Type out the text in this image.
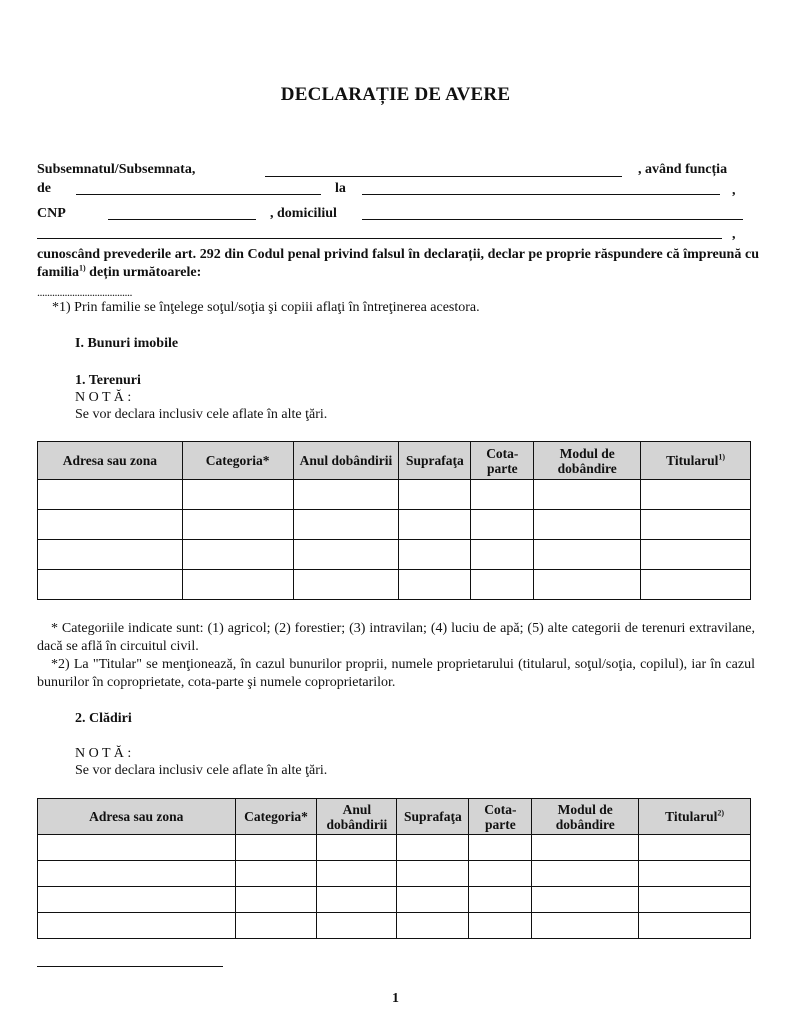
DECLARAȚIE DE AVERE
Subsemnatul/Subsemnata,	, având funcția
de	la	,
CNP	, domiciliul
,
cunoscând prevederile art. 292 din Codul penal privind falsul în declarații, declar pe proprie răspundere că împreună cu familia$^{1)}$ dețin următoarele:
......................................
*1) Prin familie se înţelege soţul/soţia şi copiii aflaţi în întreţinerea acestora.
I. Bunuri imobile
1. Terenuri
N O T Ă :
Se vor declara inclusiv cele aflate în alte ţări.
Adresa sau zona	Categoria*	Anul dobândirii	Suprafaţa	Cota-parte	Modul de dobândire	Titularul$^{1)}$

* Categoriile indicate sunt: (1) agricol; (2) forestier; (3) intravilan; (4) luciu de apă; (5) alte categorii de terenuri extravilane, dacă se află în circuitul civil.
*2) La "Titular" se menţionează, în cazul bunurilor proprii, numele proprietarului (titularul, soţul/soţia, copilul), iar în cazul bunurilor în coproprietate, cota-parte şi numele coproprietarilor.
2. Clădiri
N O T Ă :
Se vor declara inclusiv cele aflate în alte ţări.
Adresa sau zona	Categoria*	Anul dobândirii	Suprafaţa	Cota-parte	Modul de dobândire	Titularul$^{2)}$

1
